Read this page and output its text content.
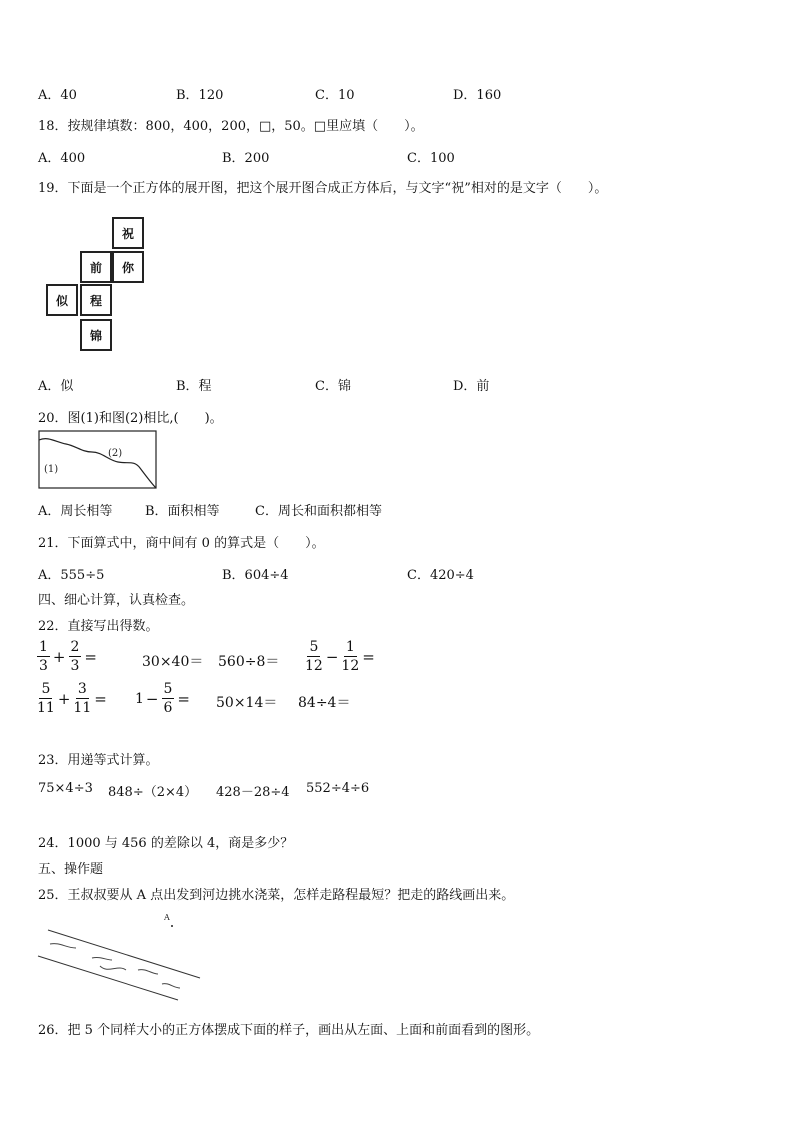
A．40	B．120	C．10	D．160
18．按规律填数：800，400，200，□，50。□里应填（　　）。
A．400	B．200	C．100
19．下面是一个正方体的展开图，把这个展开图合成正方体后，与文字“祝”相对的是文字（　　）。
祝
前	你
似	程
锦
A．似	B．程	C．锦	D．前
20．图(1)和图(2)相比,(　　)。
(1)
(2)
A．周长相等	B．面积相等	C．周长和面积都相等
21．下面算式中，商中间有 0 的算式是（　　）。
A．555÷5	B．604÷4	C．420÷4
四、细心计算，认真检查。
22．直接写出得数。
$\frac{1}{3} + \frac{2}{3}$ =	$30\times 40= 560\div 8= \frac{5}{12} - \frac{1}{12}$ =
$\frac{5}{11} + \frac{3}{11} = 1 - \frac{5}{6} = 50\times 14= 84\div 4=$
23．用递等式计算。
75×4÷3 848÷（2×4） 428－28÷4 552÷4÷6
24．1000 与 456 的差除以 4，商是多少？
五、操作题
25．王叔叔要从 A 点出发到河边挑水浇菜，怎样走路程最短？把走的路线画出来。
A
26．把 5 个同样大小的正方体摆成下面的样子，画出从左面、上面和前面看到的图形。
